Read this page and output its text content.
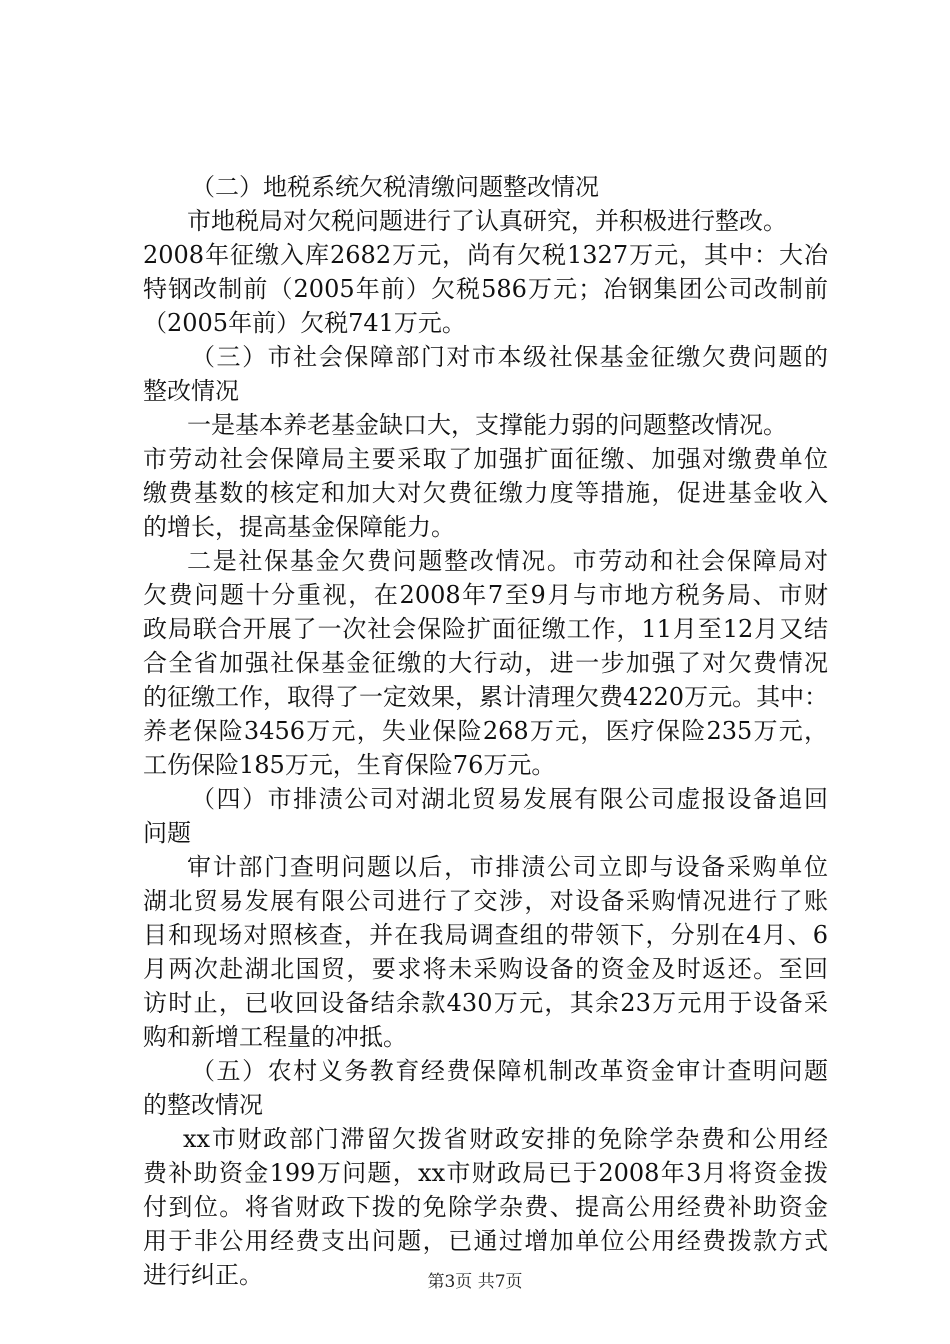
（二）地税系统欠税清缴问题整改情况
市地税局对欠税问题进行了认真研究，并积极进行整改。
2008年征缴入库2682万元，尚有欠税1327万元，其中：大冶
特钢改制前（2005年前）欠税586万元；冶钢集团公司改制前
（2005年前）欠税741万元。
（三）市社会保障部门对市本级社保基金征缴欠费问题的
整改情况
一是基本养老基金缺口大，支撑能力弱的问题整改情况。
市劳动社会保障局主要采取了加强扩面征缴、加强对缴费单位
缴费基数的核定和加大对欠费征缴力度等措施，促进基金收入
的增长，提高基金保障能力。
二是社保基金欠费问题整改情况。市劳动和社会保障局对
欠费问题十分重视，在2008年7至9月与市地方税务局、市财
政局联合开展了一次社会保险扩面征缴工作，11月至12月又结
合全省加强社保基金征缴的大行动，进一步加强了对欠费情况
的征缴工作，取得了一定效果，累计清理欠费4220万元。其中：
养老保险3456万元，失业保险268万元，医疗保险235万元，
工伤保险185万元，生育保险76万元。
（四）市排渍公司对湖北贸易发展有限公司虚报设备追回
问题
审计部门查明问题以后，市排渍公司立即与设备采购单位
湖北贸易发展有限公司进行了交涉，对设备采购情况进行了账
目和现场对照核查，并在我局调查组的带领下，分别在4月、6
月两次赴湖北国贸，要求将未采购设备的资金及时返还。至回
访时止，已收回设备结余款430万元，其余23万元用于设备采
购和新增工程量的冲抵。
（五）农村义务教育经费保障机制改革资金审计查明问题
的整改情况
xx市财政部门滞留欠拨省财政安排的免除学杂费和公用经
费补助资金199万问题，xx市财政局已于2008年3月将资金拨
付到位。将省财政下拨的免除学杂费、提高公用经费补助资金
用于非公用经费支出问题，已通过增加单位公用经费拨款方式
进行纠正。	第3页 共7页
